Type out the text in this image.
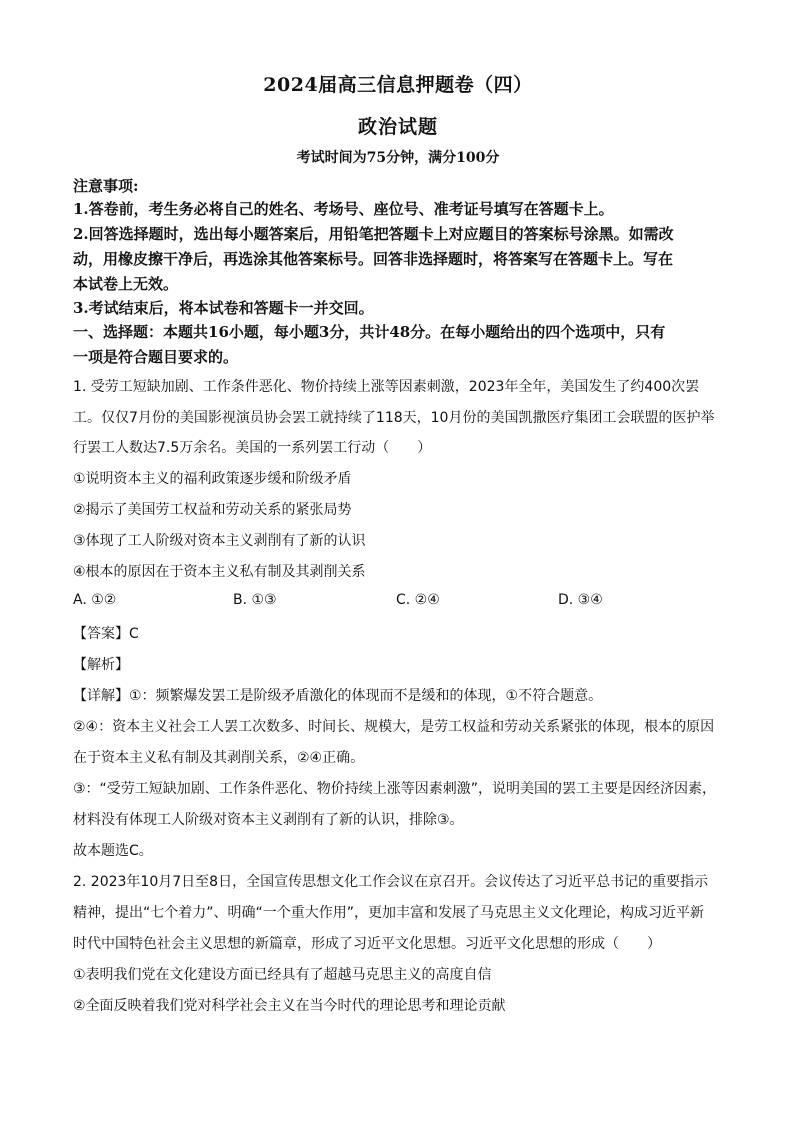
2024届高三信息押题卷（四）
政治试题
考试时间为75分钟，满分100分
注意事项:
1.答卷前，考生务必将自己的姓名、考场号、座位号、准考证号填写在答题卡上。
2.回答选择题时，选出每小题答案后，用铅笔把答题卡上对应题目的答案标号涂黑。如需改
动，用橡皮擦干净后，再选涂其他答案标号。回答非选择题时，将答案写在答题卡上。写在
本试卷上无效。
3.考试结束后，将本试卷和答题卡一并交回。
一、选择题：本题共16小题，每小题3分，共计48分。在每小题给出的四个选项中，只有
一项是符合题目要求的。
1. 受劳工短缺加剧、工作条件恶化、物价持续上涨等因素刺激，2023年全年，美国发生了约400次罢
工。仅仅7月份的美国影视演员协会罢工就持续了118天，10月份的美国凯撒医疗集团工会联盟的医护举
行罢工人数达7.5万余名。美国的一系列罢工行动（　　）
①说明资本主义的福利政策逐步缓和阶级矛盾
②揭示了美国劳工权益和劳动关系的紧张局势
③体现了工人阶级对资本主义剥削有了新的认识
④根本的原因在于资本主义私有制及其剥削关系
A. ①②	B. ①③	C. ②④	D. ③④
【答案】C
【解析】
【详解】①：频繁爆发罢工是阶级矛盾激化的体现而不是缓和的体现，①不符合题意。
②④：资本主义社会工人罢工次数多、时间长、规模大，是劳工权益和劳动关系紧张的体现，根本的原因
在于资本主义私有制及其剥削关系，②④正确。
③：“受劳工短缺加剧、工作条件恶化、物价持续上涨等因素刺激”，说明美国的罢工主要是因经济因素，
材料没有体现工人阶级对资本主义剥削有了新的认识，排除③。
故本题选C。
2. 2023年10月7日至8日，全国宣传思想文化工作会议在京召开。会议传达了习近平总书记的重要指示
精神，提出“七个着力”、明确“一个重大作用”，更加丰富和发展了马克思主义文化理论，构成习近平新
时代中国特色社会主义思想的新篇章，形成了习近平文化思想。习近平文化思想的形成（　　）
①表明我们党在文化建设方面已经具有了超越马克思主义的高度自信
②全面反映着我们党对科学社会主义在当今时代的理论思考和理论贡献
